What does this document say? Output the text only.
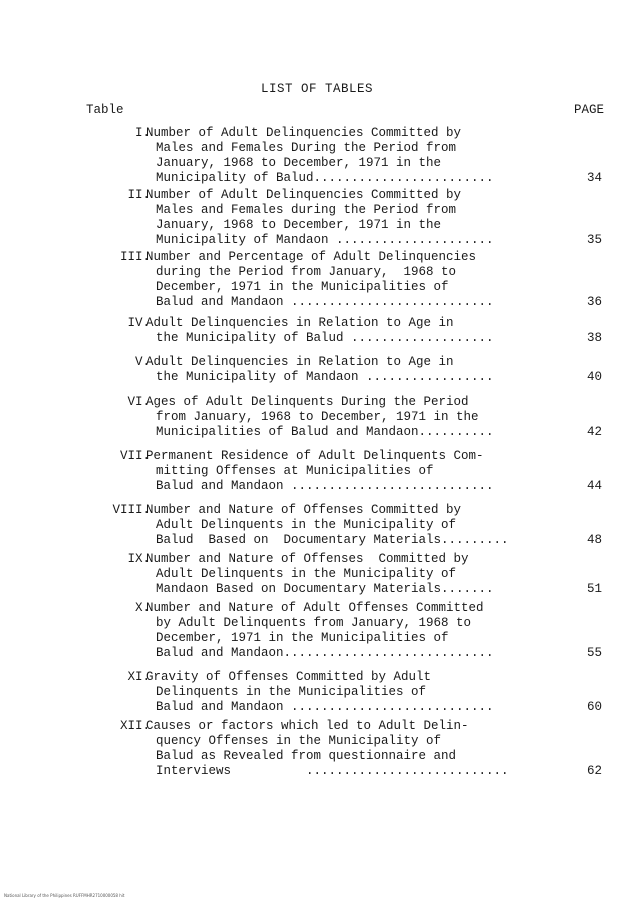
LIST OF TABLES
Table	PAGE
I.
Number of Adult Delinquencies Committed by
Males and Females During the Period from
January, 1968 to December, 1971 in the
Municipality of Balud........................	34
II.
Number of Adult Delinquencies Committed by
Males and Females during the Period from
January, 1968 to December, 1971 in the
Municipality of Mandaon .....................	35
III.
Number and Percentage of Adult Delinquencies
during the Period from January,  1968 to
December, 1971 in the Municipalities of
Balud and Mandaon ...........................	36
IV.
Adult Delinquencies in Relation to Age in
the Municipality of Balud ...................	38
V.
Adult Delinquencies in Relation to Age in
the Municipality of Mandaon .................	40
VI.
Ages of Adult Delinquents During the Period
from January, 1968 to December, 1971 in the
Municipalities of Balud and Mandaon..........	42
VII.
Permanent Residence of Adult Delinquents Com-
mitting Offenses at Municipalities of
Balud and Mandaon ...........................	44
VIII.
Number and Nature of Offenses Committed by
Adult Delinquents in the Municipality of
Balud  Based on  Documentary Materials.........	48
IX.
Number and Nature of Offenses  Committed by
Adult Delinquents in the Municipality of
Mandaon Based on Documentary Materials.......	51
X.
Number and Nature of Adult Offenses Committed
by Adult Delinquents from January, 1968 to
December, 1971 in the Municipalities of
Balud and Mandaon............................	55
XI.
Gravity of Offenses Committed by Adult
Delinquents in the Municipalities of
Balud and Mandaon ...........................	60
XII.
Causes or factors which led to Adult Delin-
quency Offenses in the Municipality of
Balud as Revealed from questionnaire and
Interviews          ...........................	62
National Library of the Philippines RUFFMHR2710000058 hit
